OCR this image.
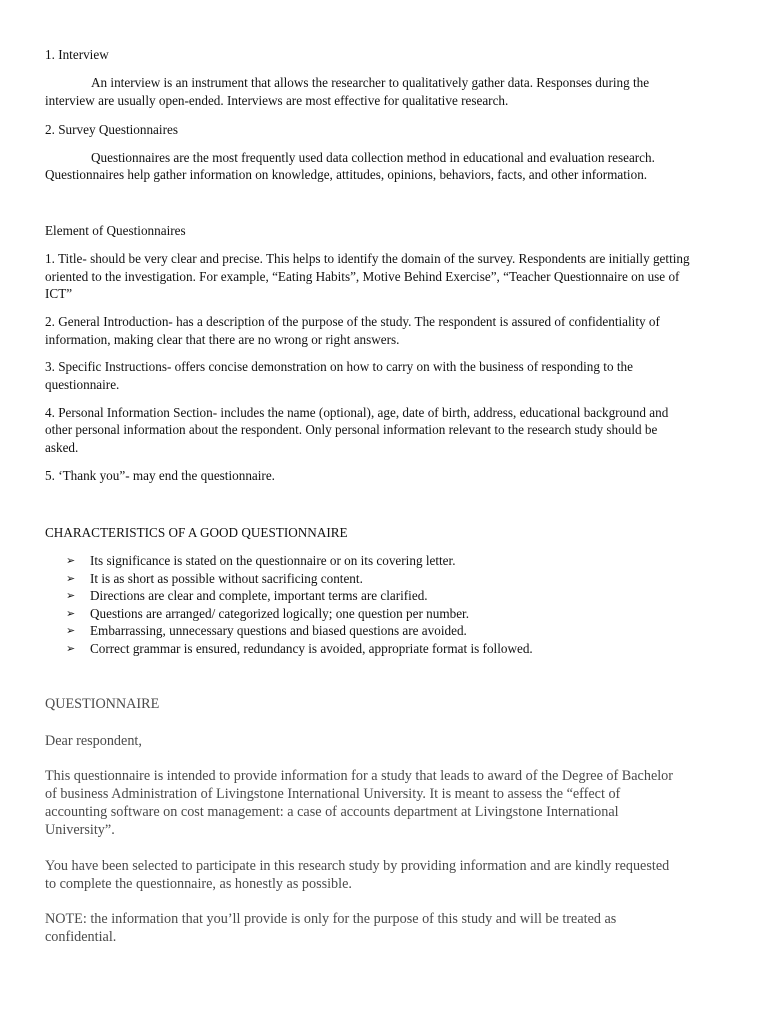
1. Interview

An interview is an instrument that allows the researcher to qualitatively gather data. Responses during the

interview are usually open-ended. Interviews are most effective for qualitative research.

2. Survey Questionnaires

Questionnaires are the most frequently used data collection method in educational and evaluation research.

Questionnaires help gather information on knowledge, attitudes, opinions, behaviors, facts, and other information.

Element of Questionnaires

1. Title- should be very clear and precise. This helps to identify the domain of the survey. Respondents are initially getting

oriented to the investigation. For example, “Eating Habits”, Motive Behind Exercise”, “Teacher Questionnaire on use of

ICT”

2. General Introduction- has a description of the purpose of the study. The respondent is assured of confidentiality of

information, making clear that there are no wrong or right answers.

3. Specific Instructions- offers concise demonstration on how to carry on with the business of responding to the

questionnaire.

4. Personal Information Section- includes the name (optional), age, date of birth, address, educational background and

other personal information about the respondent. Only personal information relevant to the research study should be

asked.

5. ‘Thank you”- may end the questionnaire.

CHARACTERISTICS OF A GOOD QUESTIONNAIRE

➢ Its significance is stated on the questionnaire or on its covering letter.
➢ It is as short as possible without sacrificing content.
➢ Directions are clear and complete, important terms are clarified.
➢ Questions are arranged/ categorized logically; one question per number.
➢ Embarrassing, unnecessary questions and biased questions are avoided.
➢ Correct grammar is ensured, redundancy is avoided, appropriate format is followed.

QUESTIONNAIRE

Dear respondent,

This questionnaire is intended to provide information for a study that leads to award of the Degree of Bachelor

of business Administration of Livingstone International University. It is meant to assess the “effect of

accounting software on cost management: a case of accounts department at Livingstone International

University”.

You have been selected to participate in this research study by providing information and are kindly requested

to complete the questionnaire, as honestly as possible.

NOTE: the information that you’ll provide is only for the purpose of this study and will be treated as

confidential.
